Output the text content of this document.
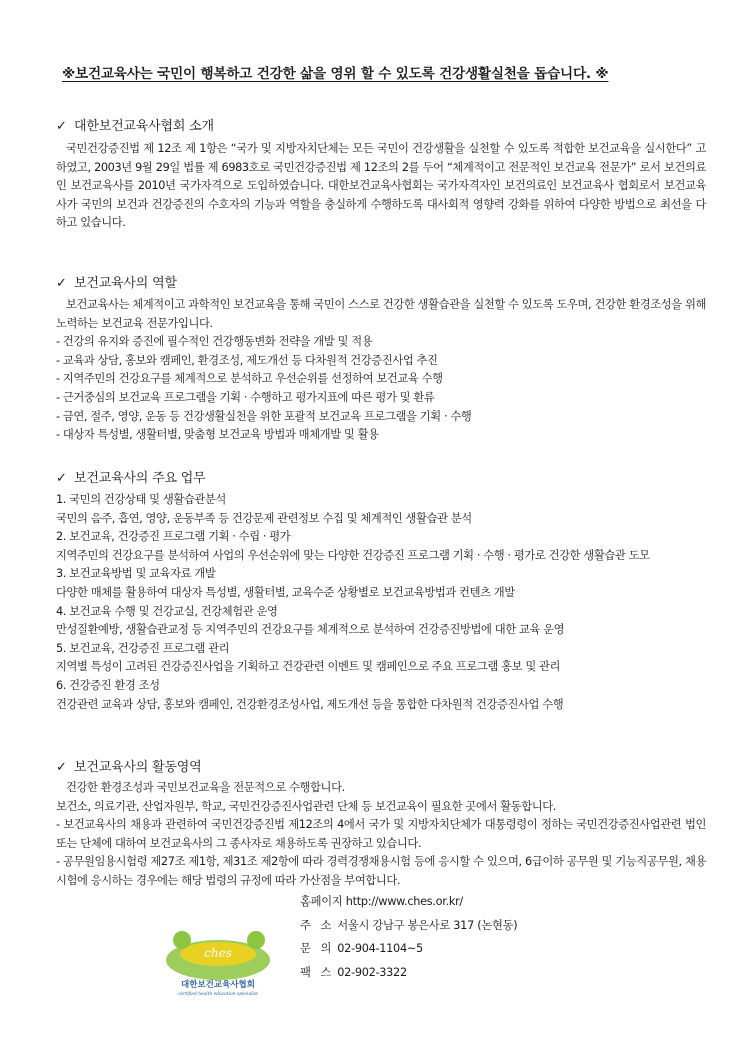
※보건교육사는 국민이 행복하고 건강한 삶을 영위 할 수 있도록 건강생활실천을 돕습니다. ※
✓ 대한보건교육사협회 소개

국민건강증진법 제 12조 제 1항은 “국가 및 지방자치단체는 모든 국민이 건강생활을 실천할 수 있도록 적합한 보건교육을 실시한다” 고 하였고, 2003년 9월 29일 법률 제 6983호로 국민건강증진법 제 12조의 2를 두어 “체계적이고 전문적인 보건교육 전문가” 로서 보건의료인 보건교육사를 2010년 국가자격으로 도입하였습니다. 대한보건교육사협회는 국가자격자인 보건의료인 보건교육사 협회로서 보건교육사가 국민의 보건과 건강증진의 수호자의 기능과 역할을 충실하게 수행하도록 대사회적 영향력 강화를 위하여 다양한 방법으로 최선을 다하고 있습니다.

✓ 보건교육사의 역할

보건교육사는 체계적이고 과학적인 보건교육을 통해 국민이 스스로 건강한 생활습관을 실천할 수 있도록 도우며, 건강한 환경조성을 위해 노력하는 보건교육 전문가입니다.

- 건강의 유지와 증진에 필수적인 건강행동변화 전략을 개발 및 적용
- 교육과 상담, 홍보와 캠페인, 환경조성, 제도개선 등 다차원적 건강증진사업 추진
- 지역주민의 건강요구를 체계적으로 분석하고 우선순위를 선정하여 보건교육 수행
- 근거중심의 보건교육 프로그램을 기획 · 수행하고 평가지표에 따른 평가 및 환류
- 금연, 절주, 영양, 운동 등 건강생활실천을 위한 포괄적 보건교육 프로그램을 기획 · 수행
- 대상자 특성별, 생활터별, 맞춤형 보건교육 방법과 매체개발 및 활용
✓ 보건교육사의 주요 업무
1. 국민의 건강상태 및 생활습관분석
국민의 음주, 흡연, 영양, 운동부족 등 건강문제 관련정보 수집 및 체계적인 생활습관 분석
2. 보건교육, 건강증진 프로그램 기획 · 수립 · 평가

지역주민의 건강요구를 분석하여 사업의 우선순위에 맞는 다양한 건강증진 프로그램 기획 · 수행 · 평가로 건강한 생활습관 도모

3. 보건교육방법 및 교육자료 개발
다양한 매체를 활용하여 대상자 특성별, 생활터별, 교육수준 상황별로 보건교육방법과 컨텐츠 개발
4. 보건교육 수행 및 건강교실, 건강체험관 운영
만성질환예방, 생활습관교정 등 지역주민의 건강요구를 체계적으로 분석하여 건강증진방법에 대한 교육 운영
5. 보건교육, 건강증진 프로그램 관리
지역별 특성이 고려된 건강증진사업을 기획하고 건강관련 이벤트 및 캠페인으로 주요 프로그램 홍보 및 관리
6. 건강증진 환경 조성
건강관련 교육과 상담, 홍보와 캠페인, 건강환경조성사업, 제도개선 등을 통합한 다차원적 건강증진사업 수행
✓ 보건교육사의 활동영역
건강한 환경조성과 국민보건교육을 전문적으로 수행합니다.
보건소, 의료기관, 산업자원부, 학교, 국민건강증진사업관련 단체 등 보건교육이 필요한 곳에서 활동합니다.

- 보건교육사의 채용과 관련하여 국민건강증진법 제12조의 4에서 국가 및 지방자치단체가 대통령령이 정하는 국민건강증진사업관련 법인 또는 단체에 대하여 보건교육사의 그 종사자로 채용하도록 권장하고 있습니다.

- 공무원임용시험령 제27조 제1항, 제31조 제2항에 따라 경력경쟁채용시험 등에 응시할 수 있으며, 6급이하 공무원 및 기능직공무원, 채용시험에 응시하는 경우에는 해당 법령의 규정에 따라 가산점을 부여합니다.

ches
대한보건교육사협회
certified health education specialist
홈페이지 http://www.ches.or.kr/
주   소 서울시 강남구 봉은사로 317 (논현동)
문   의 02-904-1104~5
팩   스 02-902-3322
